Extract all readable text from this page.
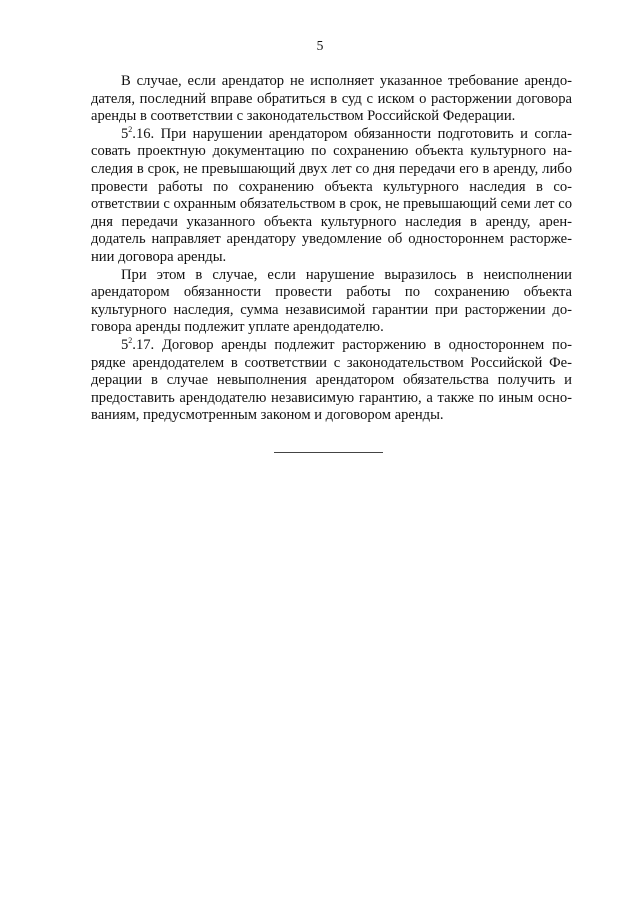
5

В случае, если арендатор не исполняет указанное требование арендодателя, последний вправе обратиться в суд с иском о расторжении договора аренды в соответствии с законодательством Российской Федерации.

$5^2.16$. При нарушении арендатором обязанности подготовить и согласовать проектную документацию по сохранению объекта культурного наследия в срок, не превышающий двух лет со дня передачи его в аренду, либо провести работы по сохранению объекта культурного наследия в соответствии с охранным обязательством в срок, не превышающий семи лет со дня передачи указанного объекта культурного наследия в аренду, арендодатель направляет арендатору уведомление об одностороннем расторжении договора аренды.

При этом в случае, если нарушение выразилось в неисполнении арендатором обязанности провести работы по сохранению объекта культурного наследия, сумма независимой гарантии при расторжении договора аренды подлежит уплате арендодателю.

$5^2.17$. Договор аренды подлежит расторжению в одностороннем порядке арендодателем в соответствии с законодательством Российской Федерации в случае невыполнения арендатором обязательства получить и предоставить арендодателю независимую гарантию, а также по иным основаниям, предусмотренным законом и договором аренды.
